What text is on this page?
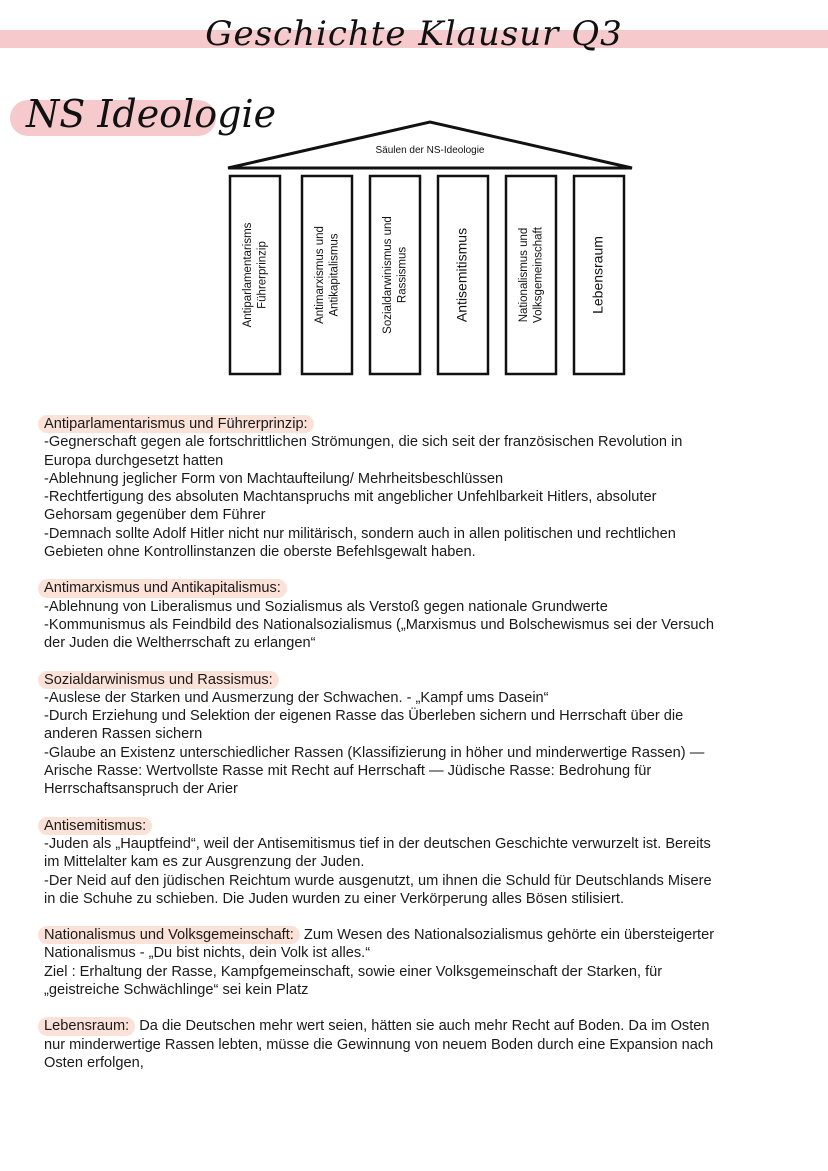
Geschichte Klausur Q3
NS Ideologie
Säulen der NS-Ideologie
Antiparlamentarisms Führerprinzip	Antimarxismus und Antikapitalismus	Sozialdarwinismus und Rassismus	Antisemitismus	Nationalismus und Volksgemeinschaft	Lebensraum
Antiparlamentarismus und Führerprinzip:
-Gegnerschaft gegen ale fortschrittlichen Strömungen, die sich seit der französischen Revolution in Europa durchgesetzt hatten
-Ablehnung jeglicher Form von Machtaufteilung/ Mehrheitsbeschlüssen
-Rechtfertigung des absoluten Machtanspruchs mit angeblicher Unfehlbarkeit Hitlers, absoluter Gehorsam gegenüber dem Führer
-Demnach sollte Adolf Hitler nicht nur militärisch, sondern auch in allen politischen und rechtlichen Gebieten ohne Kontrollinstanzen die oberste Befehlsgewalt haben.
Antimarxismus und Antikapitalismus:
-Ablehnung von Liberalismus und Sozialismus als Verstoß gegen nationale Grundwerte
-Kommunismus als Feindbild des Nationalsozialismus („Marxismus und Bolschewismus sei der Versuch der Juden die Weltherrschaft zu erlangen“
Sozialdarwinismus und Rassismus:
-Auslese der Starken und Ausmerzung der Schwachen. - „Kampf ums Dasein“
-Durch Erziehung und Selektion der eigenen Rasse das Überleben sichern und Herrschaft über die anderen Rassen sichern
-Glaube an Existenz unterschiedlicher Rassen (Klassifizierung in höher und minderwertige Rassen) — Arische Rasse: Wertvollste Rasse mit Recht auf Herrschaft — Jüdische Rasse: Bedrohung für Herrschaftsanspruch der Arier
Antisemitismus:
-Juden als „Hauptfeind“, weil der Antisemitismus tief in der deutschen Geschichte verwurzelt ist. Bereits im Mittelalter kam es zur Ausgrenzung der Juden.
-Der Neid auf den jüdischen Reichtum wurde ausgenutzt, um ihnen die Schuld für Deutschlands Misere in die Schuhe zu schieben. Die Juden wurden zu einer Verkörperung alles Bösen stilisiert.
Nationalismus und Volksgemeinschaft: Zum Wesen des Nationalsozialismus gehörte ein übersteigerter Nationalismus - „Du bist nichts, dein Volk ist alles.“
Ziel : Erhaltung der Rasse, Kampfgemeinschaft, sowie einer Volksgemeinschaft der Starken, für „geistreiche Schwächlinge“ sei kein Platz
Lebensraum: Da die Deutschen mehr wert seien, hätten sie auch mehr Recht auf Boden. Da im Osten nur minderwertige Rassen lebten, müsse die Gewinnung von neuem Boden durch eine Expansion nach Osten erfolgen,
